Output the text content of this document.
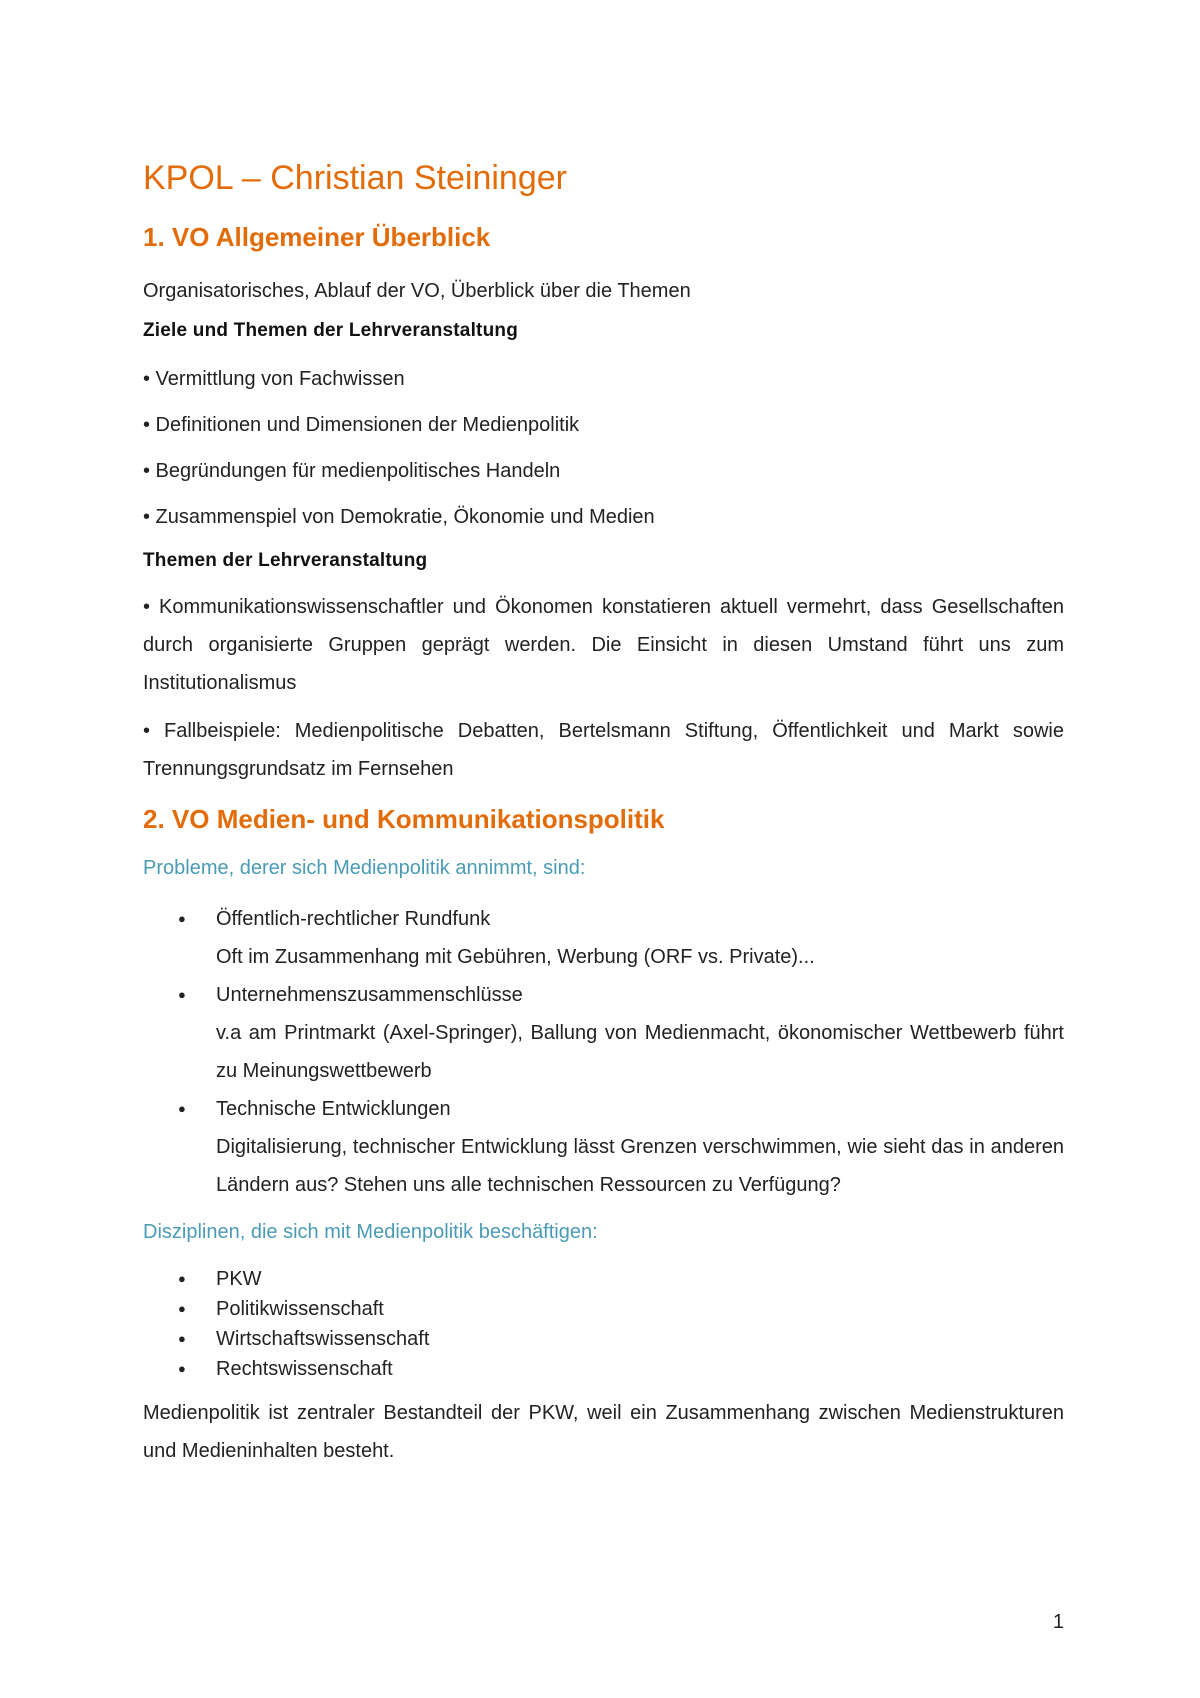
KPOL – Christian Steininger
1. VO Allgemeiner Überblick

Organisatorisches, Ablauf der VO, Überblick über die Themen

Ziele und Themen der Lehrveranstaltung

• Vermittlung von Fachwissen

• Definitionen und Dimensionen der Medienpolitik

• Begründungen für medienpolitisches Handeln

• Zusammenspiel von Demokratie, Ökonomie und Medien

Themen der Lehrveranstaltung

• Kommunikationswissenschaftler und Ökonomen konstatieren aktuell vermehrt, dass Gesellschaften durch organisierte Gruppen geprägt werden. Die Einsicht in diesen Umstand führt uns zum Institutionalismus

• Fallbeispiele: Medienpolitische Debatten, Bertelsmann Stiftung, Öffentlichkeit und Markt sowie Trennungsgrundsatz im Fernsehen

2. VO Medien- und Kommunikationspolitik
Probleme, derer sich Medienpolitik annimmt, sind:
● Öffentlich-rechtlicher Rundfunk
Oft im Zusammenhang mit Gebühren, Werbung (ORF vs. Private)...
● Unternehmenszusammenschlüsse
v.a am Printmarkt (Axel-Springer), Ballung von Medienmacht, ökonomischer Wettbewerb führt zu Meinungswettbewerb
● Technische Entwicklungen
Digitalisierung, technischer Entwicklung lässt Grenzen verschwimmen, wie sieht das in anderen Ländern aus? Stehen uns alle technischen Ressourcen zu Verfügung?
Disziplinen, die sich mit Medienpolitik beschäftigen:
● PKW
● Politikwissenschaft
● Wirtschaftswissenschaft
● Rechtswissenschaft

Medienpolitik ist zentraler Bestandteil der PKW, weil ein Zusammenhang zwischen Medienstrukturen und Medieninhalten besteht.

1
